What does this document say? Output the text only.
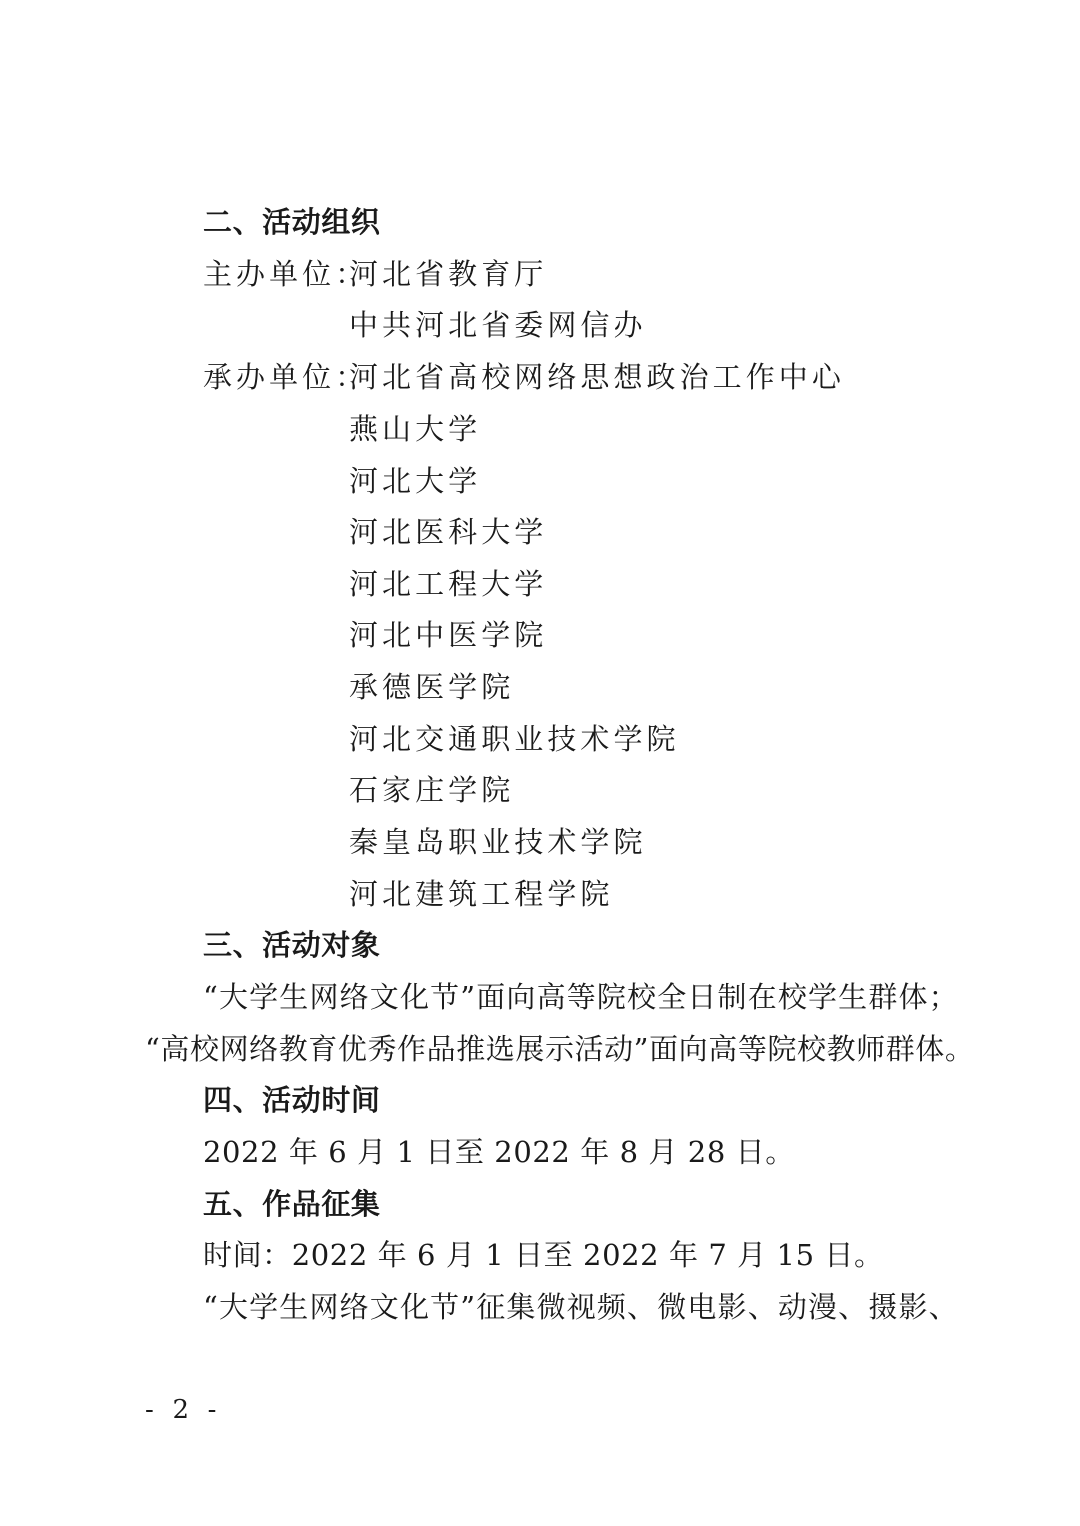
二、活动组织
主办单位：
河北省教育厅
中共河北省委网信办
承办单位：
河北省高校网络思想政治工作中心
燕山大学
河北大学
河北医科大学
河北工程大学
河北中医学院
承德医学院
河北交通职业技术学院
石家庄学院
秦皇岛职业技术学院
河北建筑工程学院
三、活动对象
“大学生网络文化节”面向高等院校全日制在校学生群体；
“高校网络教育优秀作品推选展示活动”面向高等院校教师群体。
四、活动时间
2022 年 6 月 1 日至 2022 年 8 月 28 日。
五、作品征集
时间：2022 年 6 月 1 日至 2022 年 7 月 15 日。
“大学生网络文化节”征集微视频、微电影、动漫、摄影、
- 2 -
